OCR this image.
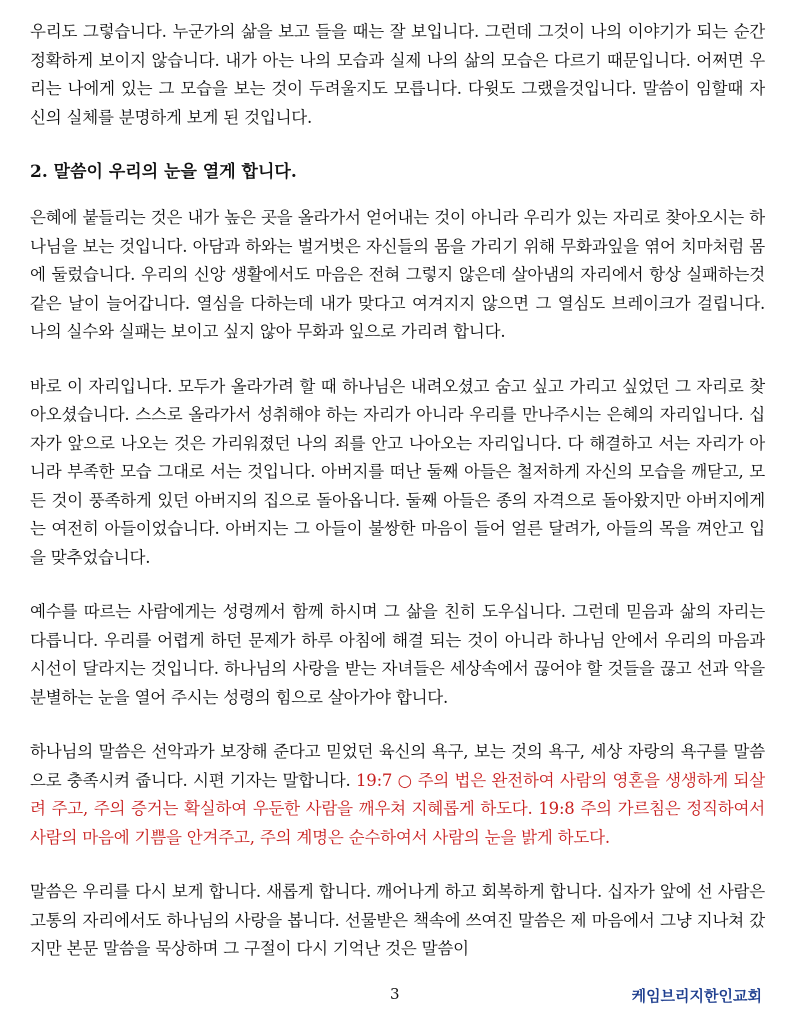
우리도 그렇습니다. 누군가의 삶을 보고 들을 때는 잘 보입니다. 그런데 그것이 나의 이야기가 되는 순간 정확하게 보이지 않습니다. 내가 아는 나의 모습과 실제 나의 삶의 모습은 다르기 때문입니다. 어쩌면 우리는 나에게 있는 그 모습을 보는 것이 두려울지도 모릅니다. 다윗도 그랬을것입니다. 말씀이 임할때 자신의 실체를 분명하게 보게 된 것입니다.

2. 말씀이 우리의 눈을 열게 합니다.

은혜에 붙들리는 것은 내가 높은 곳을 올라가서 얻어내는 것이 아니라 우리가 있는 자리로 찾아오시는 하나님을 보는 것입니다. 아담과 하와는 벌거벗은 자신들의 몸을 가리기 위해 무화과잎을 엮어 치마처럼 몸에 둘렀습니다. 우리의 신앙 생활에서도 마음은 전혀 그렇지 않은데 살아냄의 자리에서 항상 실패하는것 같은 날이 늘어갑니다. 열심을 다하는데 내가 맞다고 여겨지지 않으면 그 열심도 브레이크가 걸립니다. 나의 실수와 실패는 보이고 싶지 않아 무화과 잎으로 가리려 합니다.

바로 이 자리입니다. 모두가 올라가려 할 때 하나님은 내려오셨고 숨고 싶고 가리고 싶었던 그 자리로 찾아오셨습니다. 스스로 올라가서 성취해야 하는 자리가 아니라 우리를 만나주시는 은혜의 자리입니다. 십자가 앞으로 나오는 것은 가리워졌던 나의 죄를 안고 나아오는 자리입니다. 다 해결하고 서는 자리가 아니라 부족한 모습 그대로 서는 것입니다. 아버지를 떠난 둘째 아들은 철저하게 자신의 모습을 깨닫고, 모든 것이 풍족하게 있던 아버지의 집으로 돌아옵니다. 둘째 아들은 종의 자격으로 돌아왔지만 아버지에게는 여전히 아들이었습니다. 아버지는 그 아들이 불쌍한 마음이 들어 얼른 달려가, 아들의 목을 껴안고 입을 맞추었습니다.

예수를 따르는 사람에게는 성령께서 함께 하시며 그 삶을 친히 도우십니다. 그런데 믿음과 삶의 자리는 다릅니다. 우리를 어렵게 하던 문제가 하루 아침에 해결 되는 것이 아니라 하나님 안에서 우리의 마음과 시선이 달라지는 것입니다. 하나님의 사랑을 받는 자녀들은 세상속에서 끊어야 할 것들을 끊고 선과 악을 분별하는 눈을 열어 주시는 성령의 힘으로 살아가야 합니다.

하나님의 말씀은 선악과가 보장해 준다고 믿었던 육신의 욕구, 보는 것의 욕구, 세상 자랑의 욕구를 말씀으로 충족시켜 줍니다. 시편 기자는 말합니다. 19:7 ○ 주의 법은 완전하여 사람의 영혼을 생생하게 되살려 주고, 주의 증거는 확실하여 우둔한 사람을 깨우쳐 지혜롭게 하도다. 19:8 주의 가르침은 정직하여서 사람의 마음에 기쁨을 안겨주고, 주의 계명은 순수하여서 사람의 눈을 밝게 하도다.

말씀은 우리를 다시 보게 합니다. 새롭게 합니다. 깨어나게 하고 회복하게 합니다. 십자가 앞에 선 사람은 고통의 자리에서도 하나님의 사랑을 봅니다. 선물받은 책속에 쓰여진 말씀은 제 마음에서 그냥 지나쳐 갔지만 본문 말씀을 묵상하며 그 구절이 다시 기억난 것은 말씀이

3	케임브리지한인교회
